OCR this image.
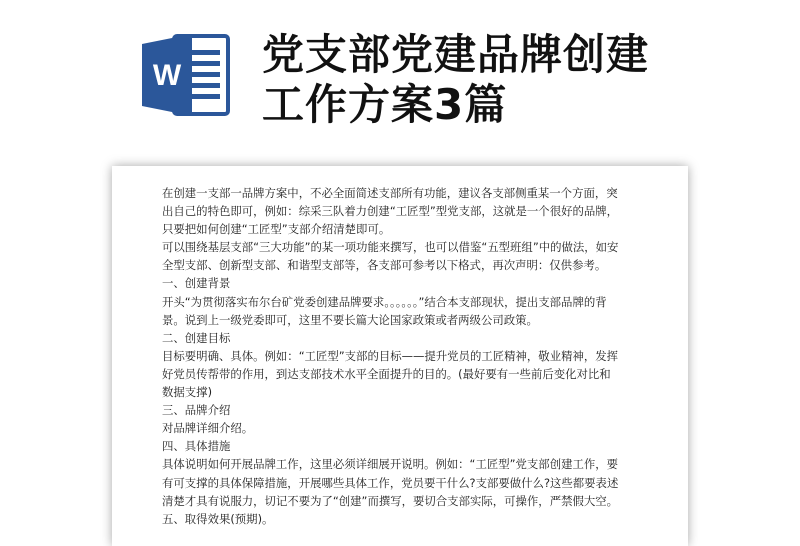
W 党支部党建品牌创建
工作方案3篇
在创建一支部一品牌方案中，不必全面简述支部所有功能，建议各支部侧重某一个方面，突
出自己的特色即可，例如：综采三队着力创建“工匠型”型党支部，这就是一个很好的品牌，
只要把如何创建“工匠型”支部介绍清楚即可。
可以围绕基层支部“三大功能”的某一项功能来撰写，也可以借鉴“五型班组”中的做法，如安
全型支部、创新型支部、和谐型支部等，各支部可参考以下格式，再次声明：仅供参考。
一、创建背景
开头“为贯彻落实布尔台矿党委创建品牌要求。。。。。。”结合本支部现状，提出支部品牌的背
景。说到上一级党委即可，这里不要长篇大论国家政策或者两级公司政策。
二、创建目标
目标要明确、具体。例如：“工匠型”支部的目标——提升党员的工匠精神，敬业精神，发挥
好党员传帮带的作用，到达支部技术水平全面提升的目的。(最好要有一些前后变化对比和
数据支撑)
三、品牌介绍
对品牌详细介绍。
四、具体措施
具体说明如何开展品牌工作，这里必须详细展开说明。例如：“工匠型”党支部创建工作，要
有可支撑的具体保障措施，开展哪些具体工作，党员要干什么?支部要做什么?这些都要表述
清楚才具有说服力，切记不要为了“创建”而撰写，要切合支部实际，可操作，严禁假大空。
五、取得效果(预期)。
